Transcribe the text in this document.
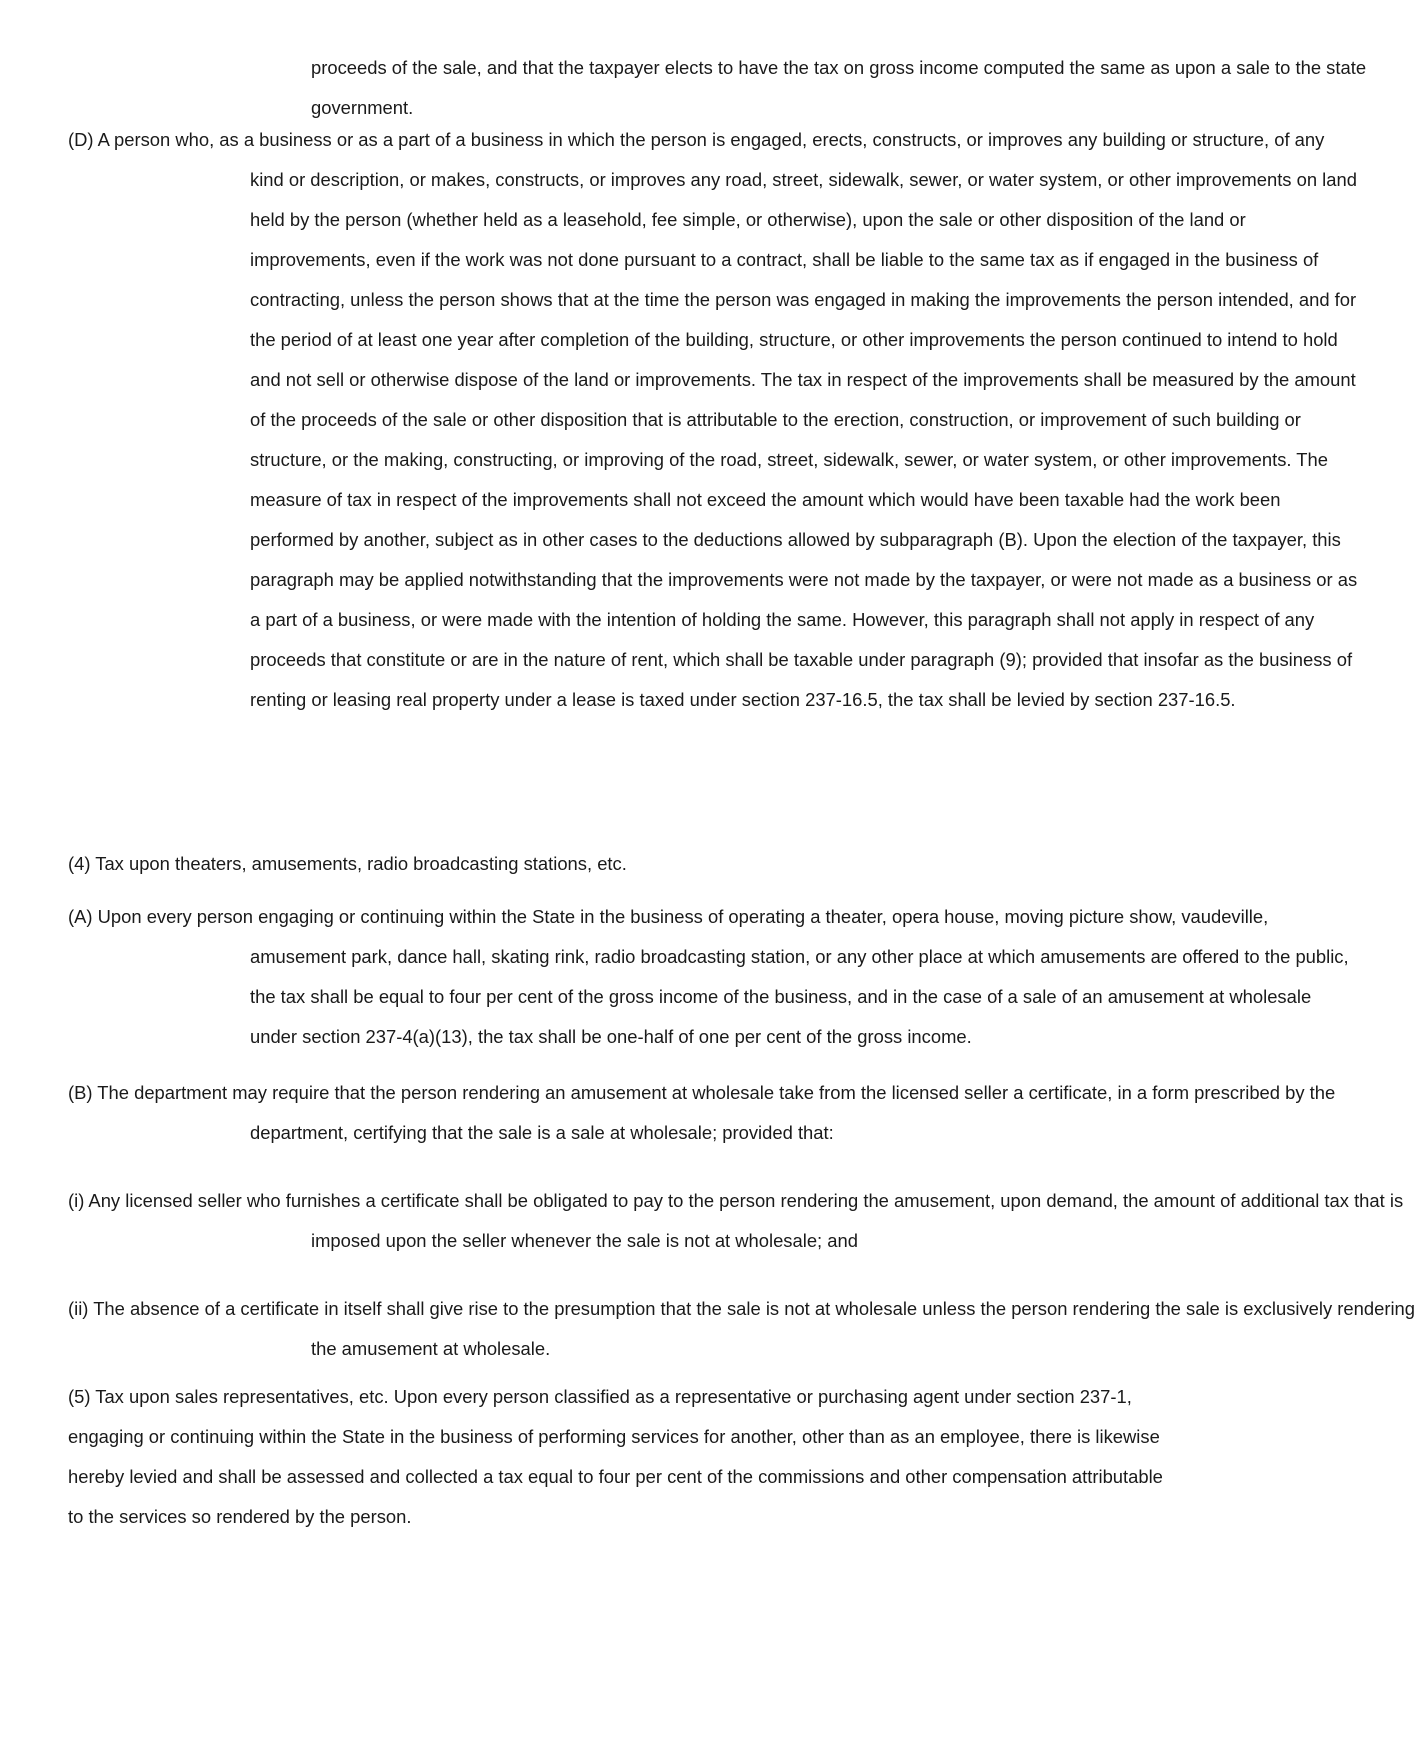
proceeds of the sale, and that the taxpayer elects to have the tax on gross income computed the same as upon a sale to the state government.

(D) A person who, as a business or as a part of a business in which the person is engaged, erects, constructs, or improves any building or structure, of any kind or description, or makes, constructs, or improves any road, street, sidewalk, sewer, or water system, or other improvements on land held by the person (whether held as a leasehold, fee simple, or otherwise), upon the sale or other disposition of the land or improvements, even if the work was not done pursuant to a contract, shall be liable to the same tax as if engaged in the business of contracting, unless the person shows that at the time the person was engaged in making the improvements the person intended, and for the period of at least one year after completion of the building, structure, or other improvements the person continued to intend to hold and not sell or otherwise dispose of the land or improvements. The tax in respect of the improvements shall be measured by the amount of the proceeds of the sale or other disposition that is attributable to the erection, construction, or improvement of such building or structure, or the making, constructing, or improving of the road, street, sidewalk, sewer, or water system, or other improvements. The measure of tax in respect of the improvements shall not exceed the amount which would have been taxable had the work been performed by another, subject as in other cases to the deductions allowed by subparagraph (B). Upon the election of the taxpayer, this paragraph may be applied notwithstanding that the improvements were not made by the taxpayer, or were not made as a business or as a part of a business, or were made with the intention of holding the same. However, this paragraph shall not apply in respect of any proceeds that constitute or are in the nature of rent, which shall be taxable under paragraph (9); provided that insofar as the business of renting or leasing real property under a lease is taxed under section 237-16.5, the tax shall be levied by section 237-16.5.

(4) Tax upon theaters, amusements, radio broadcasting stations, etc.

(A) Upon every person engaging or continuing within the State in the business of operating a theater, opera house, moving picture show, vaudeville, amusement park, dance hall, skating rink, radio broadcasting station, or any other place at which amusements are offered to the public, the tax shall be equal to four per cent of the gross income of the business, and in the case of a sale of an amusement at wholesale under section 237-4(a)(13), the tax shall be one-half of one per cent of the gross income.

(B) The department may require that the person rendering an amusement at wholesale take from the licensed seller a certificate, in a form prescribed by the department, certifying that the sale is a sale at wholesale; provided that:

(i) Any licensed seller who furnishes a certificate shall be obligated to pay to the person rendering the amusement, upon demand, the amount of additional tax that is imposed upon the seller whenever the sale is not at wholesale; and

(ii) The absence of a certificate in itself shall give rise to the presumption that the sale is not at wholesale unless the person rendering the sale is exclusively rendering the amusement at wholesale.

(5) Tax upon sales representatives, etc. Upon every person classified as a representative or purchasing agent under section 237-1, engaging or continuing within the State in the business of performing services for another, other than as an employee, there is likewise hereby levied and shall be assessed and collected a tax equal to four per cent of the commissions and other compensation attributable to the services so rendered by the person.
